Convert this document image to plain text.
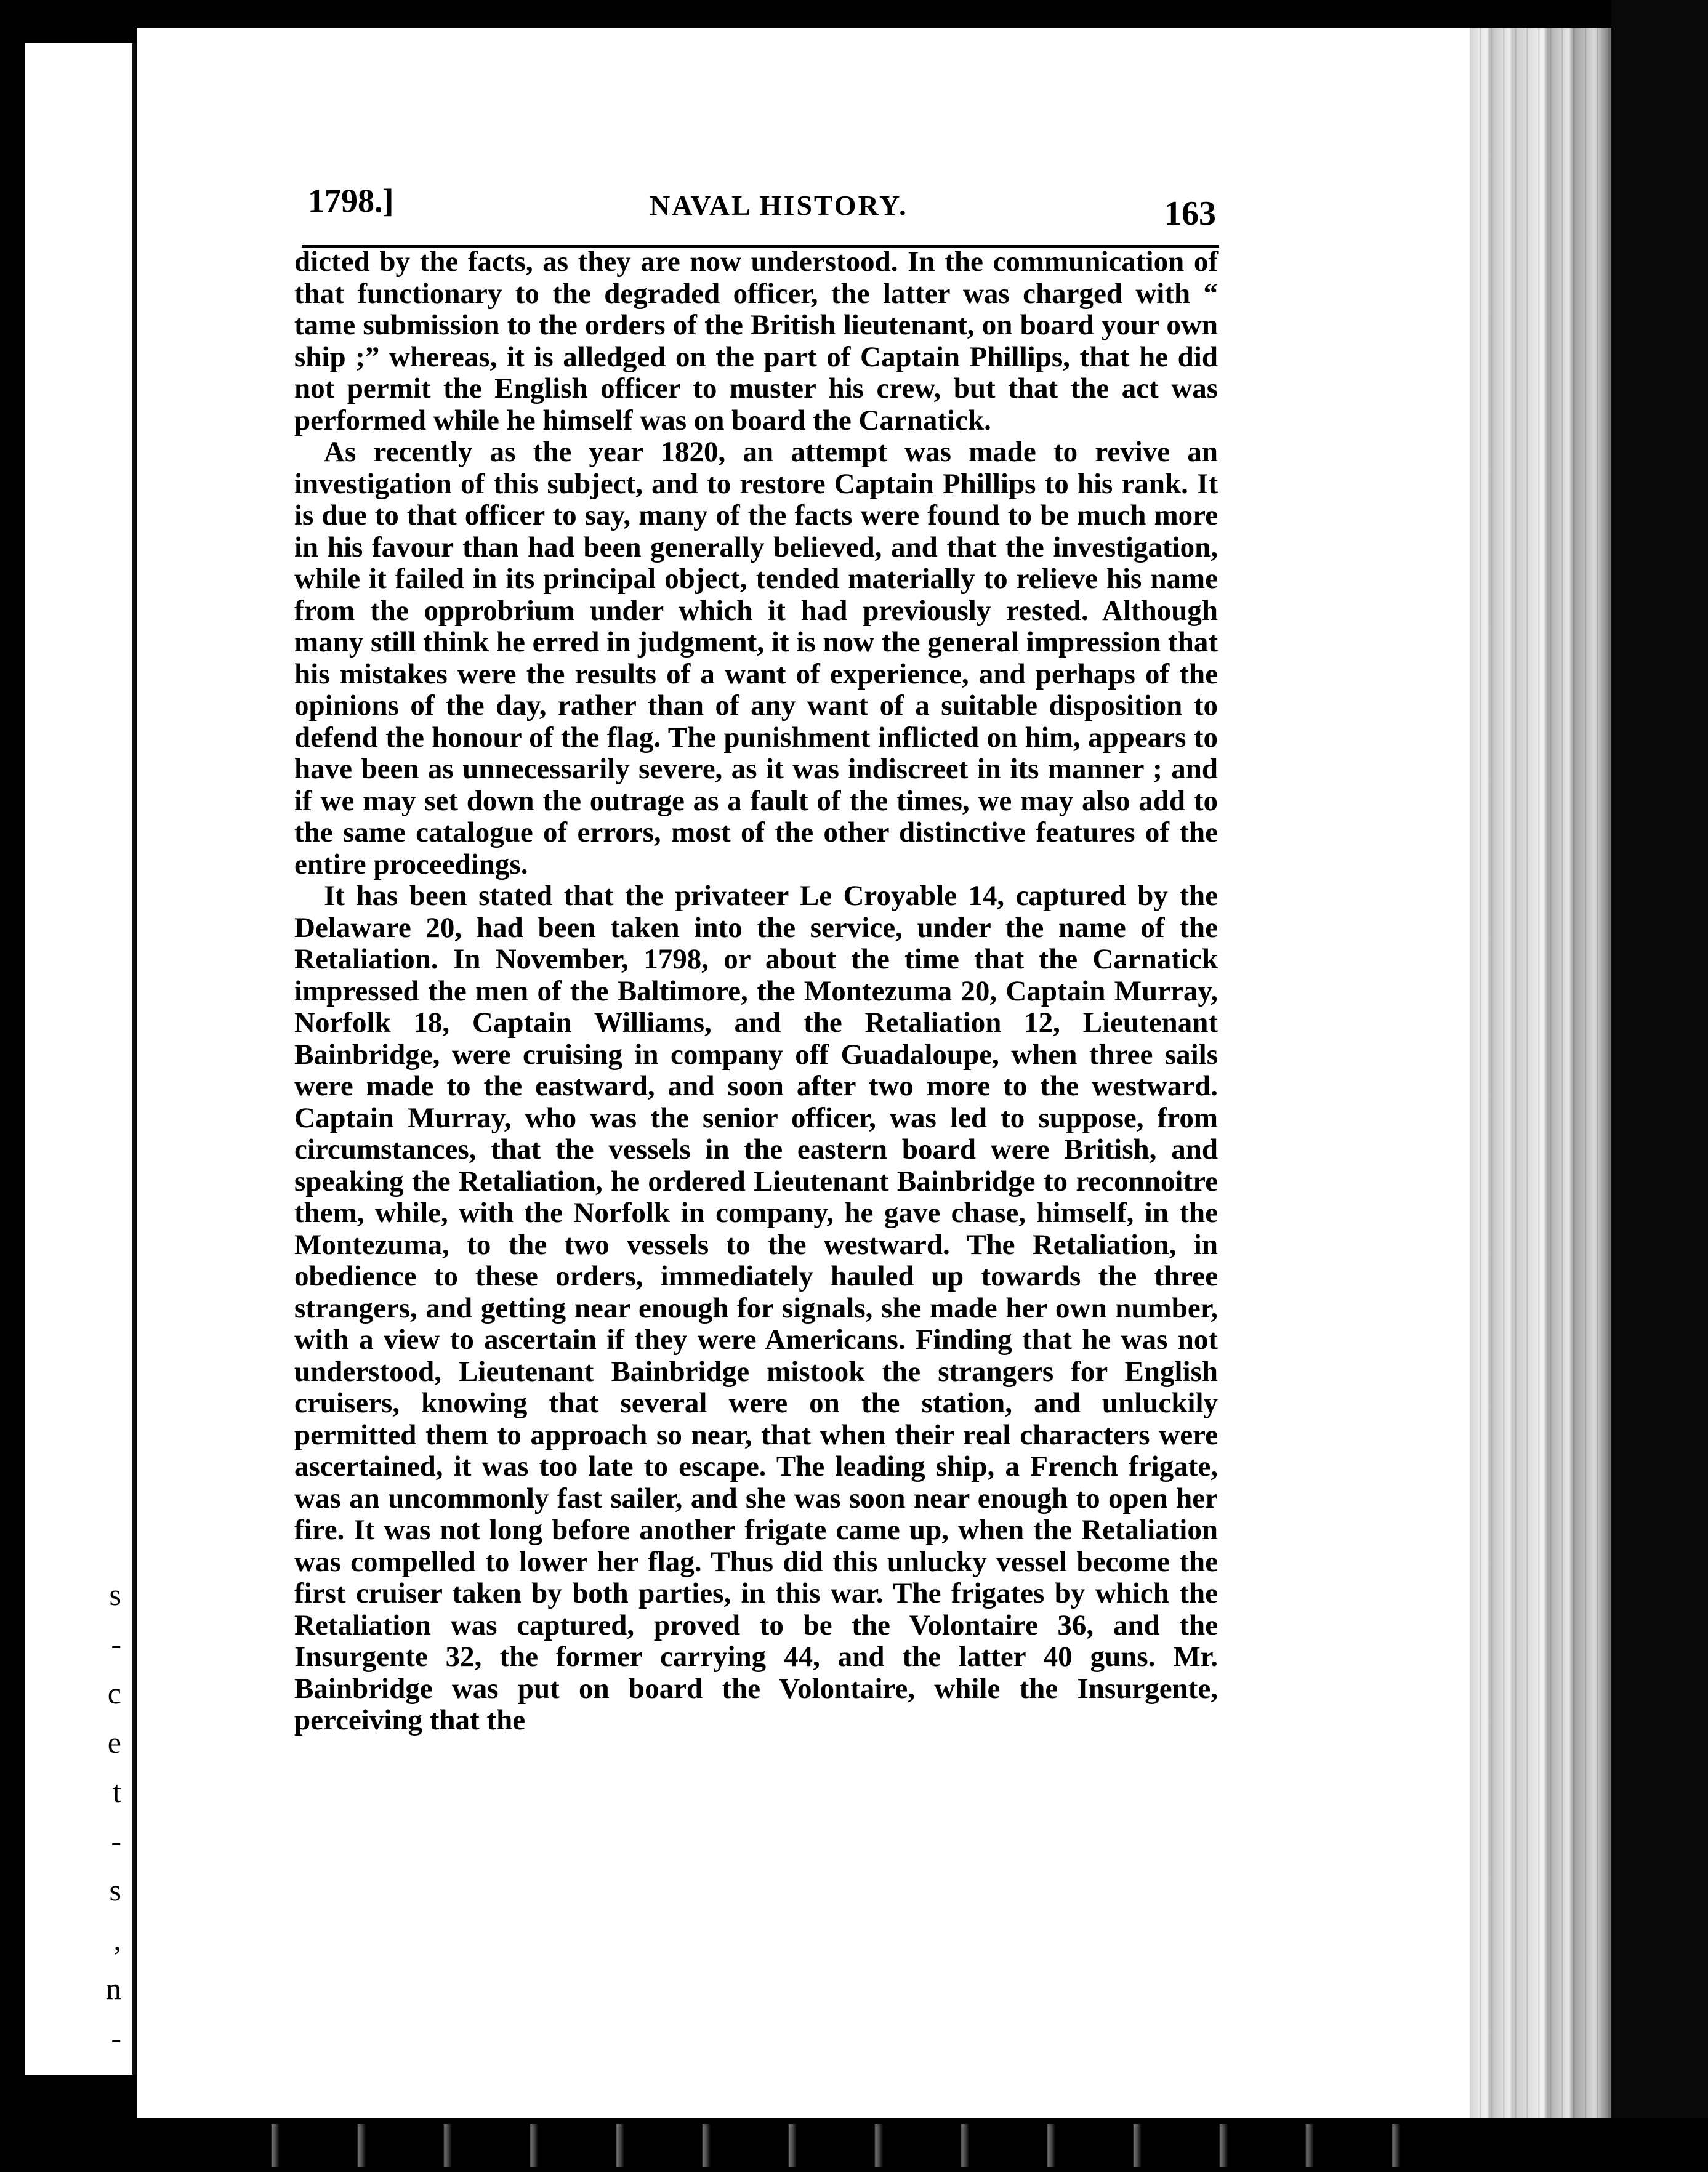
s
-
c
e
t
-
s
,
n
-
1798.]	NAVAL HISTORY.	163

dicted by the facts, as they are now understood. In the communication of that functionary to the degraded officer, the latter was charged with “ tame submission to the orders of the British lieutenant, on board your own ship ;” whereas, it is alledged on the part of Captain Phillips, that he did not permit the English officer to muster his crew, but that the act was performed while he himself was on board the Carnatick.

As recently as the year 1820, an attempt was made to revive an investigation of this subject, and to restore Captain Phillips to his rank. It is due to that officer to say, many of the facts were found to be much more in his favour than had been generally believed, and that the investigation, while it failed in its principal object, tended materially to relieve his name from the opprobrium under which it had previously rested. Although many still think he erred in judgment, it is now the general impression that his mistakes were the results of a want of experience, and perhaps of the opinions of the day, rather than of any want of a suitable disposition to defend the honour of the flag. The punishment inflicted on him, appears to have been as unnecessarily severe, as it was indiscreet in its manner ; and if we may set down the outrage as a fault of the times, we may also add to the same catalogue of errors, most of the other distinctive features of the entire proceedings.

It has been stated that the privateer Le Croyable 14, captured by the Delaware 20, had been taken into the service, under the name of the Retaliation. In November, 1798, or about the time that the Carnatick impressed the men of the Baltimore, the Montezuma 20, Captain Murray, Norfolk 18, Captain Williams, and the Retaliation 12, Lieutenant Bainbridge, were cruising in company off Guadaloupe, when three sails were made to the eastward, and soon after two more to the westward. Captain Murray, who was the senior officer, was led to suppose, from circumstances, that the vessels in the eastern board were British, and speaking the Retaliation, he ordered Lieutenant Bainbridge to reconnoitre them, while, with the Norfolk in company, he gave chase, himself, in the Montezuma, to the two vessels to the westward. The Retaliation, in obedience to these orders, immediately hauled up towards the three strangers, and getting near enough for signals, she made her own number, with a view to ascertain if they were Americans. Finding that he was not understood, Lieutenant Bainbridge mistook the strangers for English cruisers, knowing that several were on the station, and unluckily permitted them to approach so near, that when their real characters were ascertained, it was too late to escape. The leading ship, a French frigate, was an uncommonly fast sailer, and she was soon near enough to open her fire. It was not long before another frigate came up, when the Retaliation was compelled to lower her flag. Thus did this unlucky vessel become the first cruiser taken by both parties, in this war. The frigates by which the Retaliation was captured, proved to be the Volontaire 36, and the Insurgente 32, the former carrying 44, and the latter 40 guns. Mr. Bainbridge was put on board the Volontaire, while the Insurgente, perceiving that the
